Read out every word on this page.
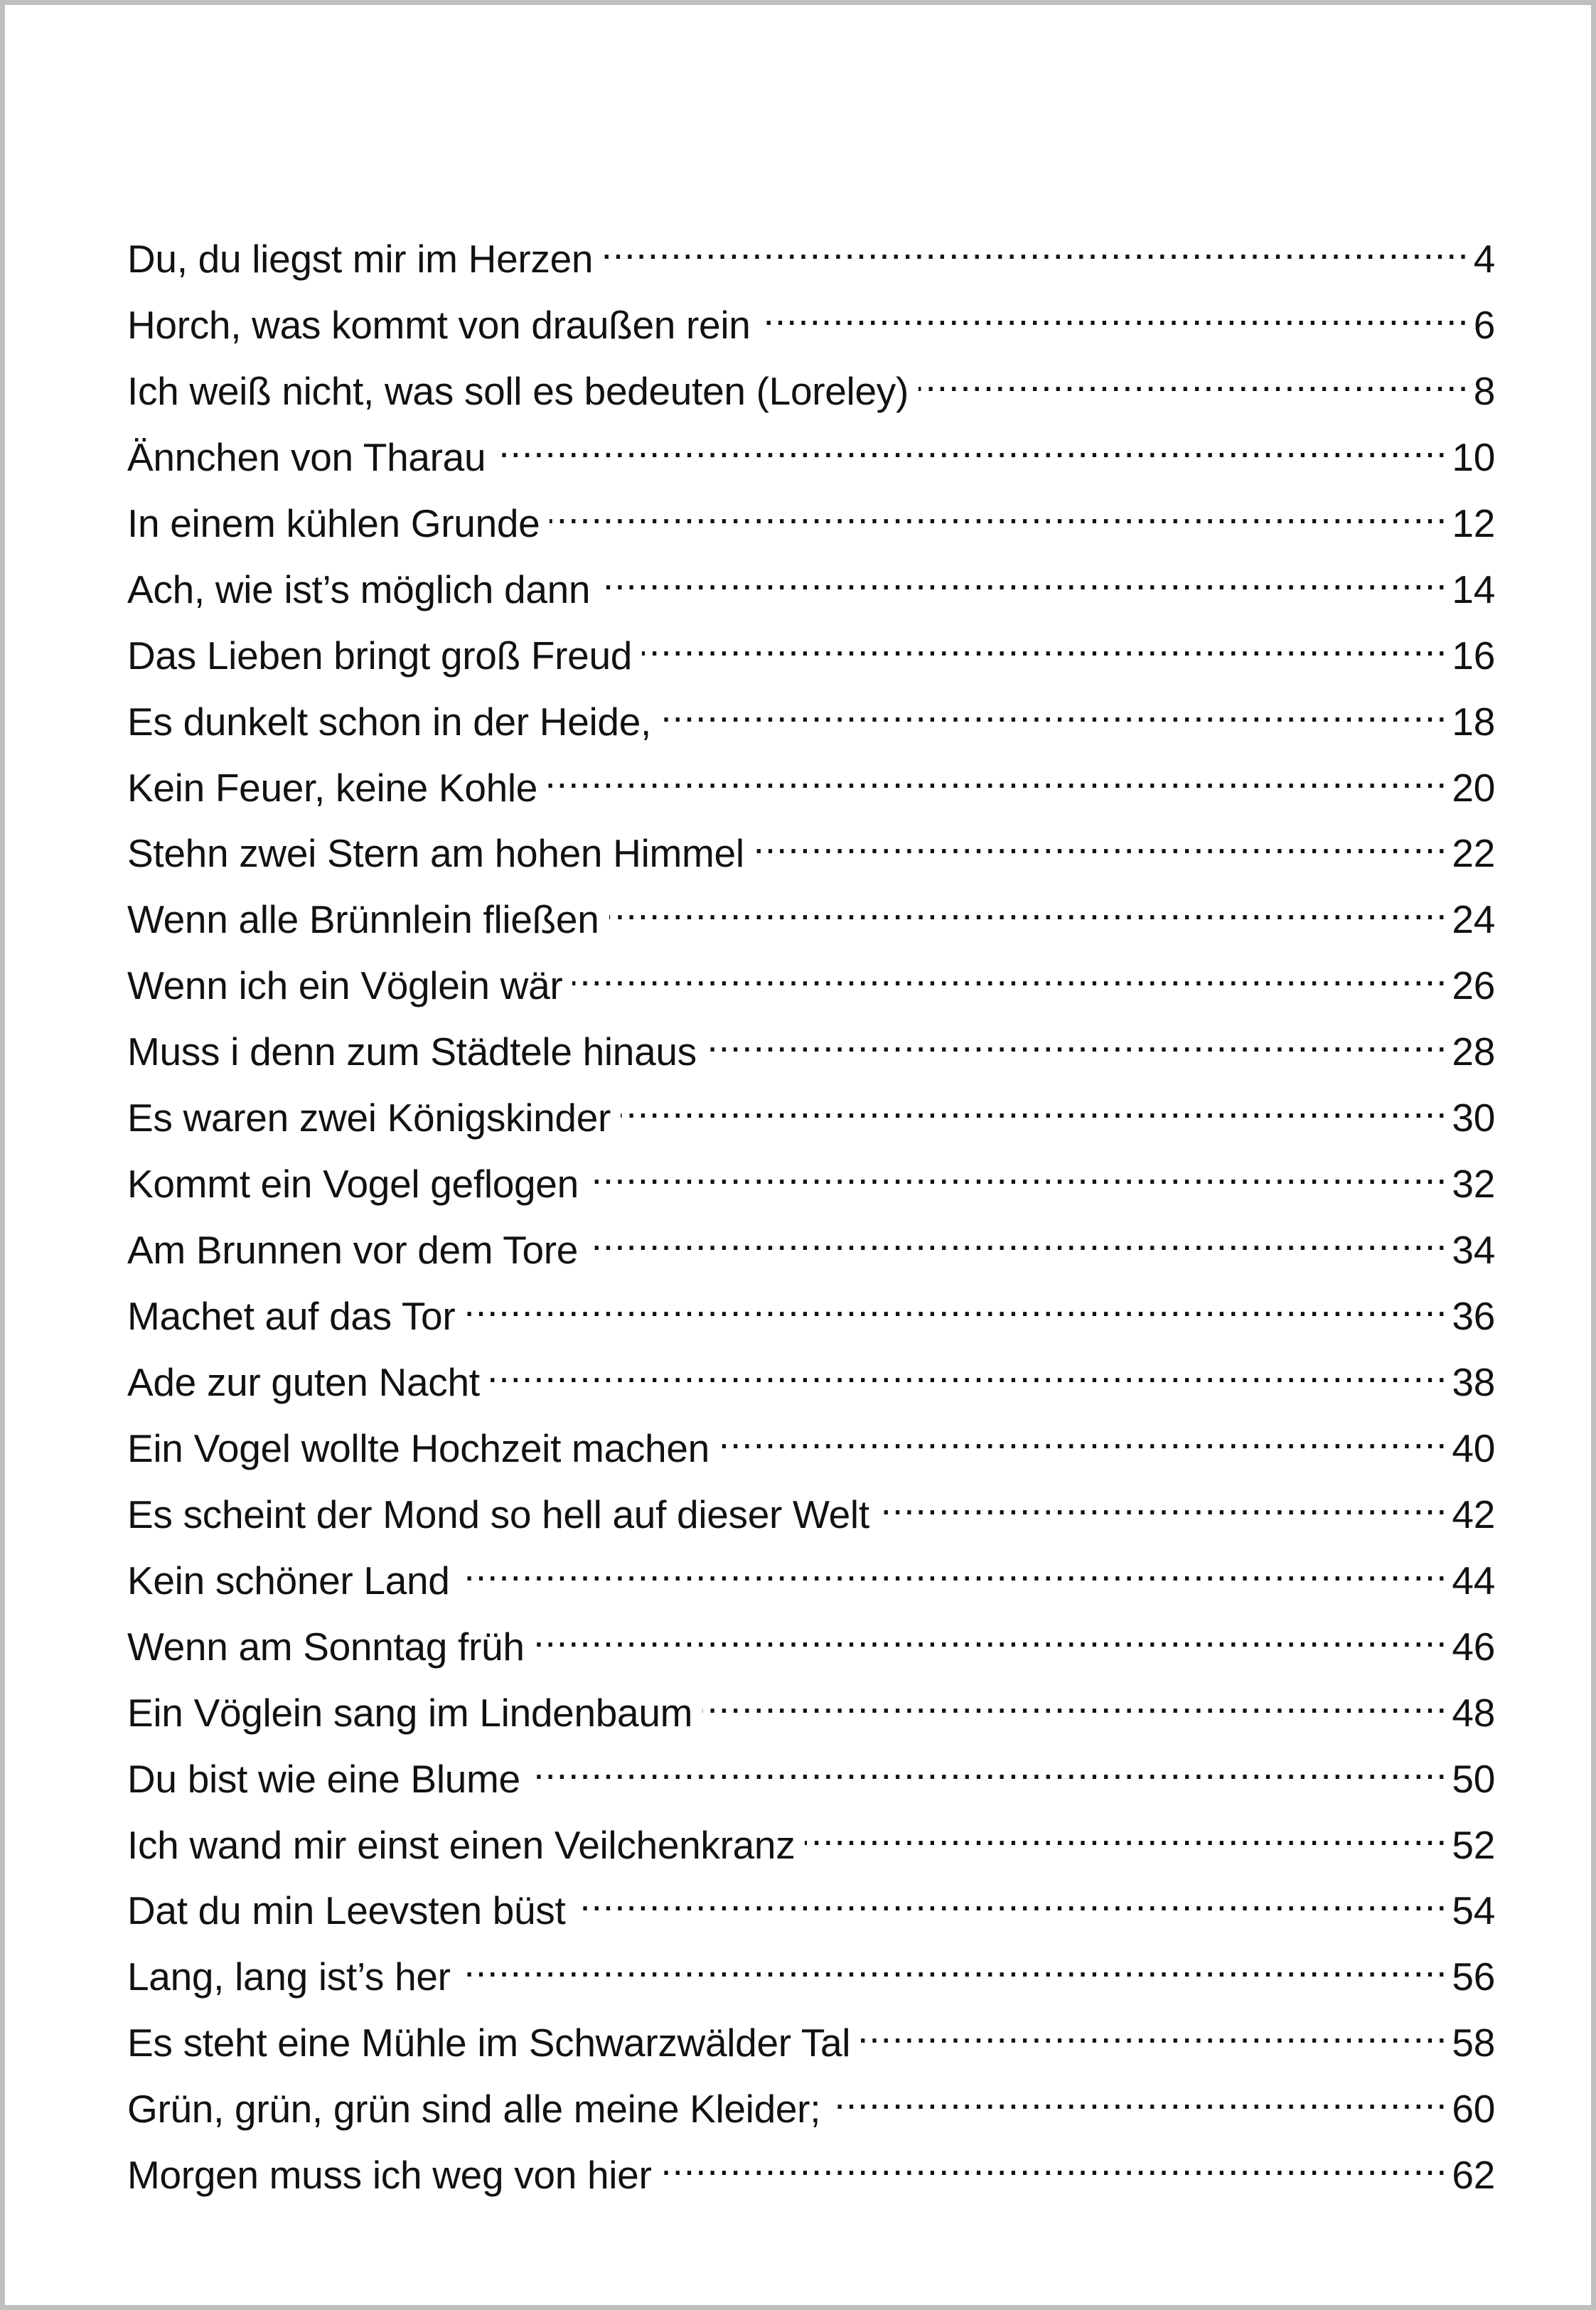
Du, du liegst mir im Herzen .....	4
Horch, was kommt von draußen rein .....	6
Ich weiß nicht, was soll es bedeuten (Loreley) .....	8
Ännchen von Tharau .....	10
In einem kühlen Grunde .....	12
Ach, wie ist’s möglich dann .....	14
Das Lieben bringt groß Freud .....	16
Es dunkelt schon in der Heide, .....	18
Kein Feuer, keine Kohle .....	20
Stehn zwei Stern am hohen Himmel .....	22
Wenn alle Brünnlein fließen .....	24
Wenn ich ein Vöglein wär .....	26
Muss i denn zum Städtele hinaus .....	28
Es waren zwei Königskinder .....	30
Kommt ein Vogel geflogen .....	32
Am Brunnen vor dem Tore .....	34
Machet auf das Tor .....	36
Ade zur guten Nacht .....	38
Ein Vogel wollte Hochzeit machen .....	40
Es scheint der Mond so hell auf dieser Welt .....	42
Kein schöner Land .....	44
Wenn am Sonntag früh .....	46
Ein Vöglein sang im Lindenbaum .....	48
Du bist wie eine Blume .....	50
Ich wand mir einst einen Veilchenkranz .....	52
Dat du min Leevsten büst .....	54
Lang, lang ist’s her .....	56
Es steht eine Mühle im Schwarzwälder Tal .....	58
Grün, grün, grün sind alle meine Kleider; .....	60
Morgen muss ich weg von hier .....	62
